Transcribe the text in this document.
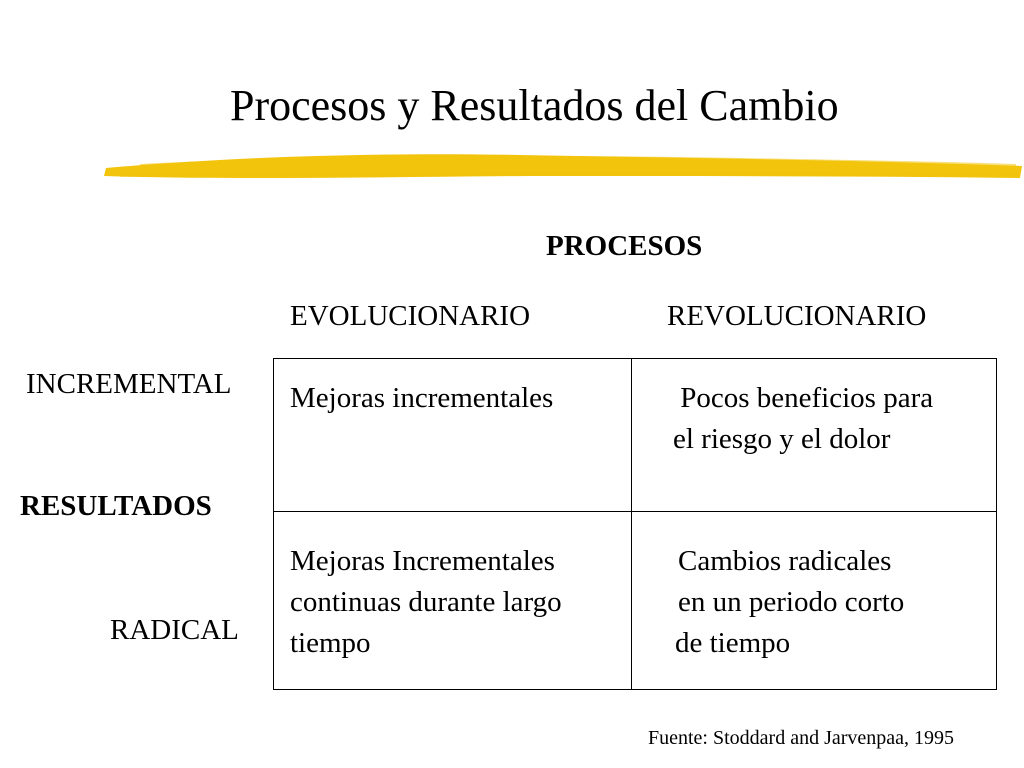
Procesos y Resultados del Cambio
PROCESOS
EVOLUCIONARIO	REVOLUCIONARIO
INCREMENTAL
RESULTADOS
RADICAL
Mejoras incrementales	Pocos beneficios para
el riesgo y el dolor
Mejoras Incrementales
continuas durante largo
tiempo
Cambios radicales
en un periodo corto
de tiempo
Fuente: Stoddard and Jarvenpaa, 1995
